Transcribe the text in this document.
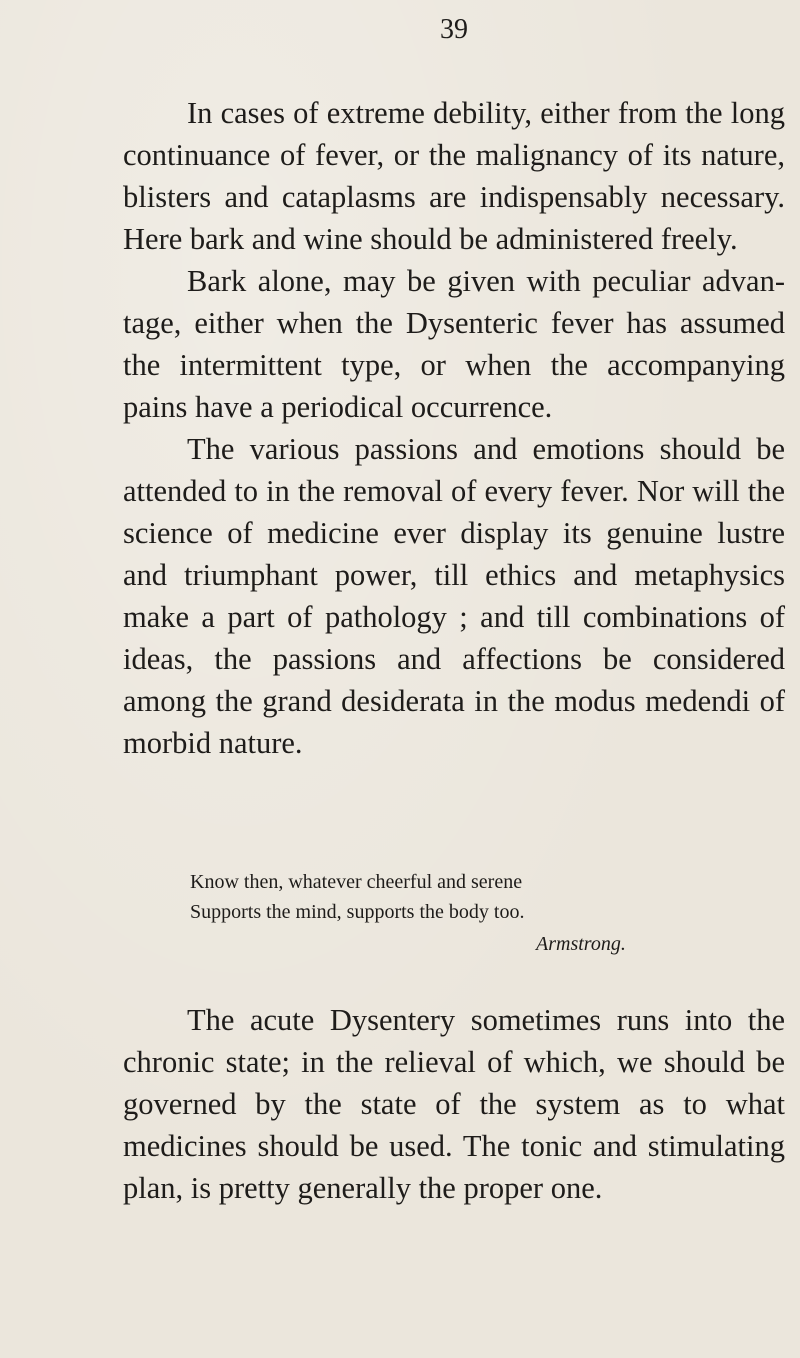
39

In cases of extreme debility, either from the long continuance of fever, or the malignancy of its nature, blisters and cataplasms are indispensably necessary. Here bark and wine should be administered freely.

Bark alone, may be given with peculiar advantage, either when the Dysenteric fever has assumed the intermittent type, or when the accompanying pains have a periodical occurrence.

The various passions and emotions should be attended to in the removal of every fever. Nor will the science of medicine ever display its genuine lustre and triumphant power, till ethics and metaphysics make a part of pathology ; and till combinations of ideas, the passions and affections be considered among the grand desiderata in the modus medendi of morbid nature.

Know then, whatever cheerful and serene
Supports the mind, supports the body too.
Armstrong.

The acute Dysentery sometimes runs into the chronic state; in the relieval of which, we should be governed by the state of the system as to what medicines should be used. The tonic and stimulating plan, is pretty generally the proper one.
